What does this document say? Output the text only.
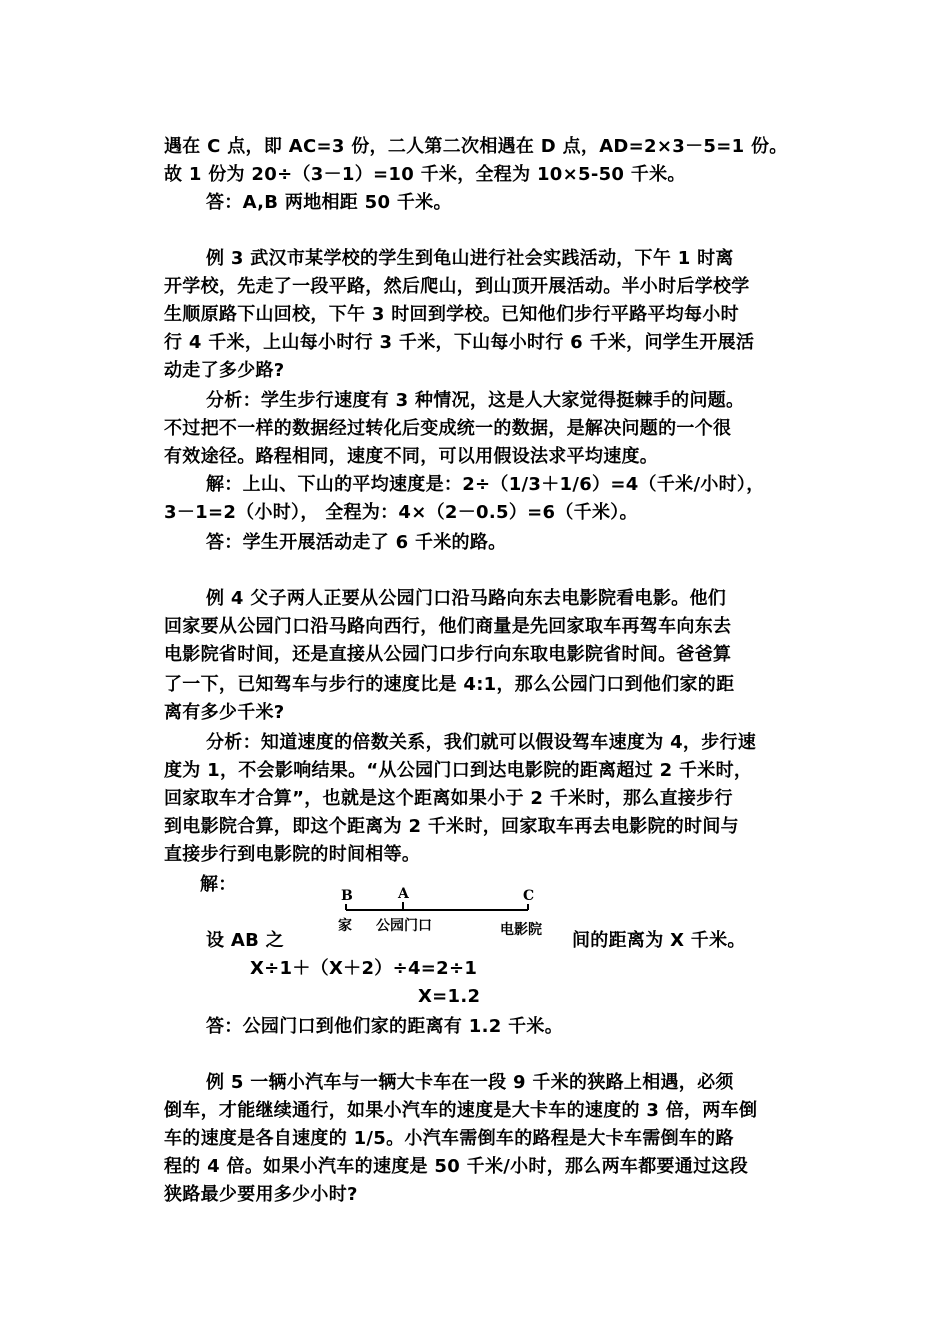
遇在 C 点，即 AC=3 份，二人第二次相遇在 D 点，AD=2×3－5=1 份。

故 1 份为 20÷（3－1）=10 千米，全程为 10×5-50 千米。

答：A,B 两地相距 50 千米。

例 3 武汉市某学校的学生到龟山进行社会实践活动，下午 1 时离

开学校，先走了一段平路，然后爬山，到山顶开展活动。半小时后学校学

生顺原路下山回校，下午 3 时回到学校。已知他们步行平路平均每小时

行 4 千米，上山每小时行 3 千米，下山每小时行 6 千米，问学生开展活

动走了多少路?

分析：学生步行速度有 3 种情况，这是人大家觉得挺棘手的问题。

不过把不一样的数据经过转化后变成统一的数据，是解决问题的一个很

有效途径。路程相同，速度不同，可以用假设法求平均速度。

解：上山、下山的平均速度是：2÷（1/3＋1/6）=4（千米/小时），

3－1=2（小时）， 全程为：4×（2－0.5）=6（千米）。

答：学生开展活动走了 6 千米的路。

例 4 父子两人正要从公园门口沿马路向东去电影院看电影。他们

回家要从公园门口沿马路向西行，他们商量是先回家取车再驾车向东去

电影院省时间，还是直接从公园门口步行向东取电影院省时间。爸爸算

了一下，已知驾车与步行的速度比是 4:1，那么公园门口到他们家的距

离有多少千米?

分析：知道速度的倍数关系，我们就可以假设驾车速度为 4，步行速

度为 1，不会影响结果。“从公园门口到达电影院的距离超过 2 千米时，

回家取车才合算”，也就是这个距离如果小于 2 千米时，那么直接步行

到电影院合算，即这个距离为 2 千米时，回家取车再去电影院的时间与

直接步行到电影院的时间相等。

解：

B	A	C
家 公园门口	电影院

设 AB 之	间的距离为 X 千米。

X÷1＋（X＋2）÷4=2÷1

X=1.2

答：公园门口到他们家的距离有 1.2 千米。

例 5 一辆小汽车与一辆大卡车在一段 9 千米的狭路上相遇，必须

倒车，才能继续通行，如果小汽车的速度是大卡车的速度的 3 倍，两车倒

车的速度是各自速度的 1/5。小汽车需倒车的路程是大卡车需倒车的路

程的 4 倍。如果小汽车的速度是 50 千米/小时，那么两车都要通过这段

狭路最少要用多少小时?
